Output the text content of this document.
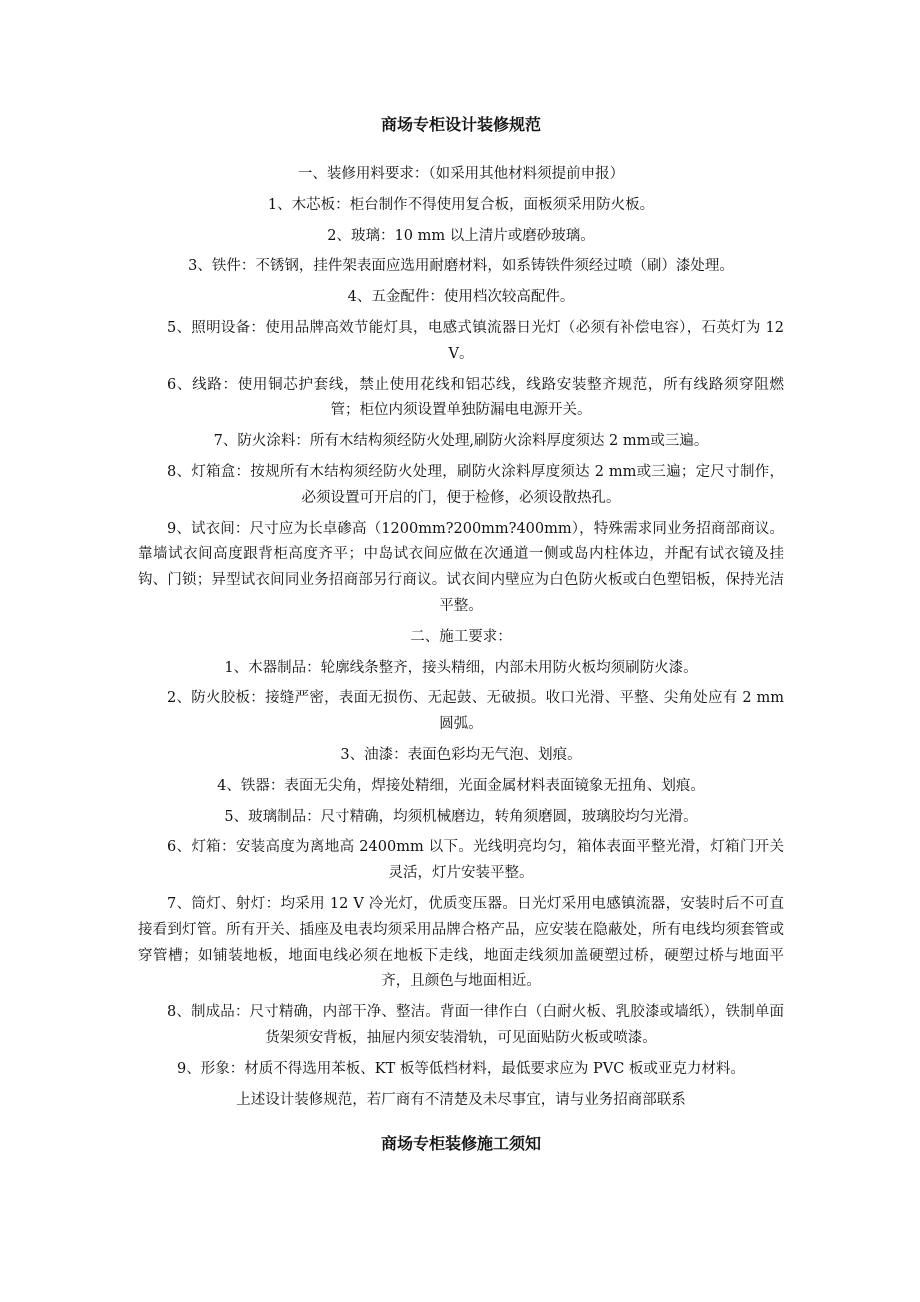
商场专柜设计装修规范
一、装修用料要求：（如采用其他材料须提前申报）
1、木芯板：柜台制作不得使用复合板，面板须采用防火板。
2、玻璃：10 mm 以上清片或磨砂玻璃。
3、铁件：不锈钢，挂件架表面应选用耐磨材料，如系铸铁件须经过喷（刷）漆处理。
4、五金配件：使用档次较高配件。
5、照明设备：使用品牌高效节能灯具，电感式镇流器日光灯（必须有补偿电容），石英灯为 12 V。
6、线路：使用铜芯护套线，禁止使用花线和铝芯线，线路安装整齐规范，所有线路须穿阻燃管；柜位内须设置单独防漏电电源开关。
7、防火涂料：所有木结构须经防火处理,刷防火涂料厚度须达 2 mm或三遍。
8、灯箱盒：按规所有木结构须经防火处理，刷防火涂料厚度须达 2 mm或三遍；定尺寸制作，必须设置可开启的门，便于检修，必须设散热孔。
9、试衣间：尺寸应为长卓碜高（1200mm?200mm?400mm），特殊需求同业务招商部商议。靠墙试衣间高度跟背柜高度齐平；中岛试衣间应做在次通道一侧或岛内柱体边，并配有试衣镜及挂钩、门锁；异型试衣间同业务招商部另行商议。试衣间内壁应为白色防火板或白色塑铝板，保持光洁平整。
二、施工要求：
1、木器制品：轮廓线条整齐，接头精细，内部未用防火板均须刷防火漆。
2、防火胶板：接缝严密，表面无损伤、无起鼓、无破损。收口光滑、平整、尖角处应有 2 mm圆弧。
3、油漆：表面色彩均无气泡、划痕。
4、铁器：表面无尖角，焊接处精细，光面金属材料表面镜象无扭角、划痕。
5、玻璃制品：尺寸精确，均须机械磨边，转角须磨圆，玻璃胶均匀光滑。
6、灯箱：安装高度为离地高 2400mm 以下。光线明亮均匀，箱体表面平整光滑，灯箱门开关灵活，灯片安装平整。
7、筒灯、射灯：均采用 12 V 冷光灯，优质变压器。日光灯采用电感镇流器，安装时后不可直接看到灯管。所有开关、插座及电表均须采用品牌合格产品，应安装在隐蔽处，所有电线均须套管或穿管槽；如铺装地板，地面电线必须在地板下走线，地面走线须加盖硬塑过桥，硬塑过桥与地面平齐，且颜色与地面相近。
8、制成品：尺寸精确，内部干净、整洁。背面一律作白（白耐火板、乳胶漆或墙纸），铁制单面货架须安背板，抽屉内须安装滑轨，可见面贴防火板或喷漆。
9、形象：材质不得选用苯板、KT 板等低档材料，最低要求应为 PVC 板或亚克力材料。
上述设计装修规范，若厂商有不清楚及未尽事宜，请与业务招商部联系
商场专柜装修施工须知
